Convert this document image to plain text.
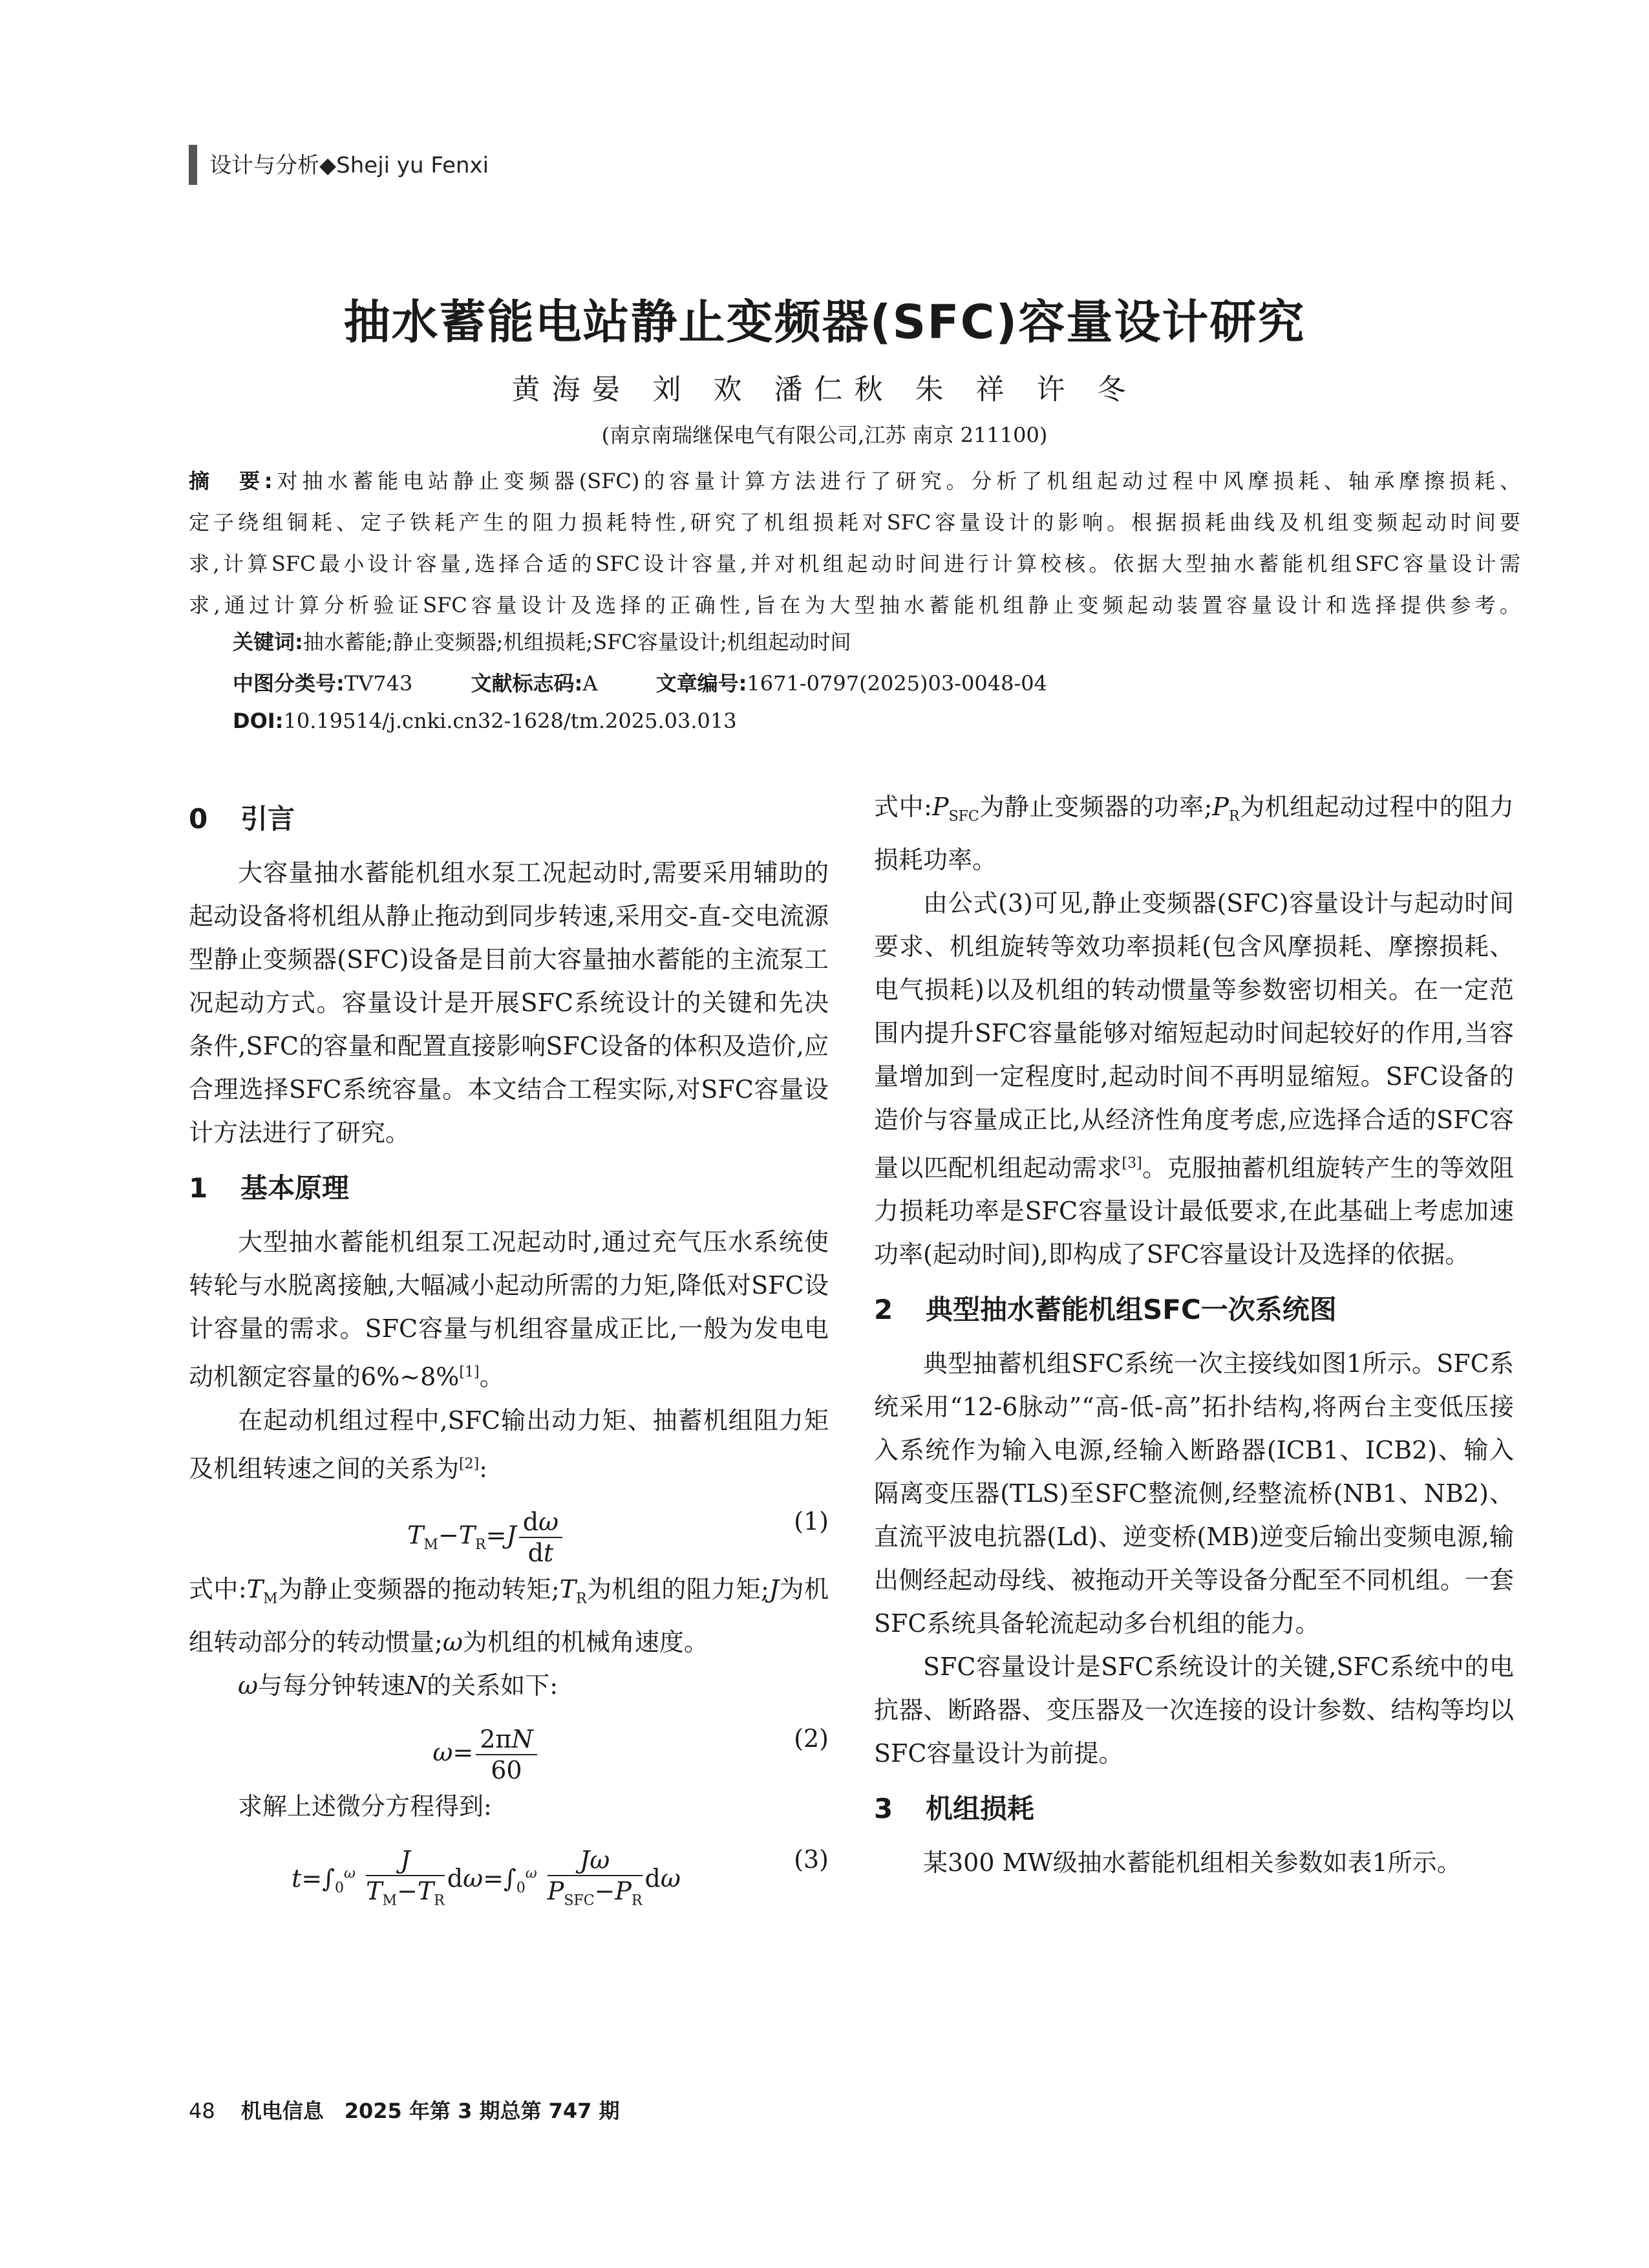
设计与分析◆Sheji yu Fenxi
抽水蓄能电站静止变频器(SFC)容量设计研究
黄海晏 刘 欢 潘仁秋 朱 祥 许 冬
(南京南瑞继保电气有限公司,江苏 南京 211100)
摘　要:对抽水蓄能电站静止变频器(SFC)的容量计算方法进行了研究。分析了机组起动过程中风摩损耗、轴承摩擦损耗、
定子绕组铜耗、定子铁耗产生的阻力损耗特性,研究了机组损耗对SFC容量设计的影响。根据损耗曲线及机组变频起动时间要
求,计算SFC最小设计容量,选择合适的SFC设计容量,并对机组起动时间进行计算校核。依据大型抽水蓄能机组SFC容量设计需
求,通过计算分析验证SFC容量设计及选择的正确性,旨在为大型抽水蓄能机组静止变频起动装置容量设计和选择提供参考。
关键词:抽水蓄能;静止变频器;机组损耗;SFC容量设计;机组起动时间
中图分类号:TV743	文献标志码:A	文章编号:1671-0797(2025)03-0048-04
DOI:10.19514/j.cnki.cn32-1628/tm.2025.03.013
0 引言

大容量抽水蓄能机组水泵工况起动时,需要采用辅助的起动设备将机组从静止拖动到同步转速,采用交-直-交电流源型静止变频器(SFC)设备是目前大容量抽水蓄能的主流泵工况起动方式。容量设计是开展SFC系统设计的关键和先决条件,SFC的容量和配置直接影响SFC设备的体积及造价,应合理选择SFC系统容量。本文结合工程实际,对SFC容量设计方法进行了研究。

1 基本原理

大型抽水蓄能机组泵工况起动时,通过充气压水系统使转轮与水脱离接触,大幅减小起动所需的力矩,降低对SFC设计容量的需求。SFC容量与机组容量成正比,一般为发电电动机额定容量的6%~8%[1]。

在起动机组过程中,SFC输出动力矩、抽蓄机组阻力矩及机组转速之间的关系为[2]:

$T_M-T_R=J \frac{d\omega}{dt}$	(1)

式中$:T_M$为静止变频器的拖动转矩$;T_R$为机组的阻力矩;J为机组转动部分的转动惯量;ω为机组的机械角速度。

ω与每分钟转速N的关系如下:

$\omega= \frac{2\pi N}{60}$	(2)

求解上述微分方程得到:

$t=\int_0^\omega \frac{J}{T_M-T_R} d\omega=\int_0^\omega \frac{J\omega}{P_{SFC}-P_R}$ dω
(3)

式中$:P_{SFC}$为静止变频器的功率$;P_R$为机组起动过程中的阻力损耗功率。

由公式(3)可见,静止变频器(SFC)容量设计与起动时间要求、机组旋转等效功率损耗(包含风摩损耗、摩擦损耗、电气损耗)以及机组的转动惯量等参数密切相关。在一定范围内提升SFC容量能够对缩短起动时间起较好的作用,当容量增加到一定程度时,起动时间不再明显缩短。SFC设备的造价与容量成正比,从经济性角度考虑,应选择合适的SFC容量以匹配机组起动需求[3]。克服抽蓄机组旋转产生的等效阻力损耗功率是SFC容量设计最低要求,在此基础上考虑加速功率(起动时间),即构成了SFC容量设计及选择的依据。

2 典型抽水蓄能机组SFC一次系统图

典型抽蓄机组SFC系统一次主接线如图1所示。SFC系统采用“12-6脉动”“高-低-高”拓扑结构,将两台主变低压接入系统作为输入电源,经输入断路器(ICB1、ICB2)、输入隔离变压器(TLS)至SFC整流侧,经整流桥(NB1、NB2)、直流平波电抗器(Ld)、逆变桥(MB)逆变后输出变频电源,输出侧经起动母线、被拖动开关等设备分配至不同机组。一套SFC系统具备轮流起动多台机组的能力。

SFC容量设计是SFC系统设计的关键,SFC系统中的电抗器、断路器、变压器及一次连接的设计参数、结构等均以SFC容量设计为前提。

3 机组损耗

某300 MW级抽水蓄能机组相关参数如表1所示。

48 机电信息　2025 年第 3 期总第 747 期
